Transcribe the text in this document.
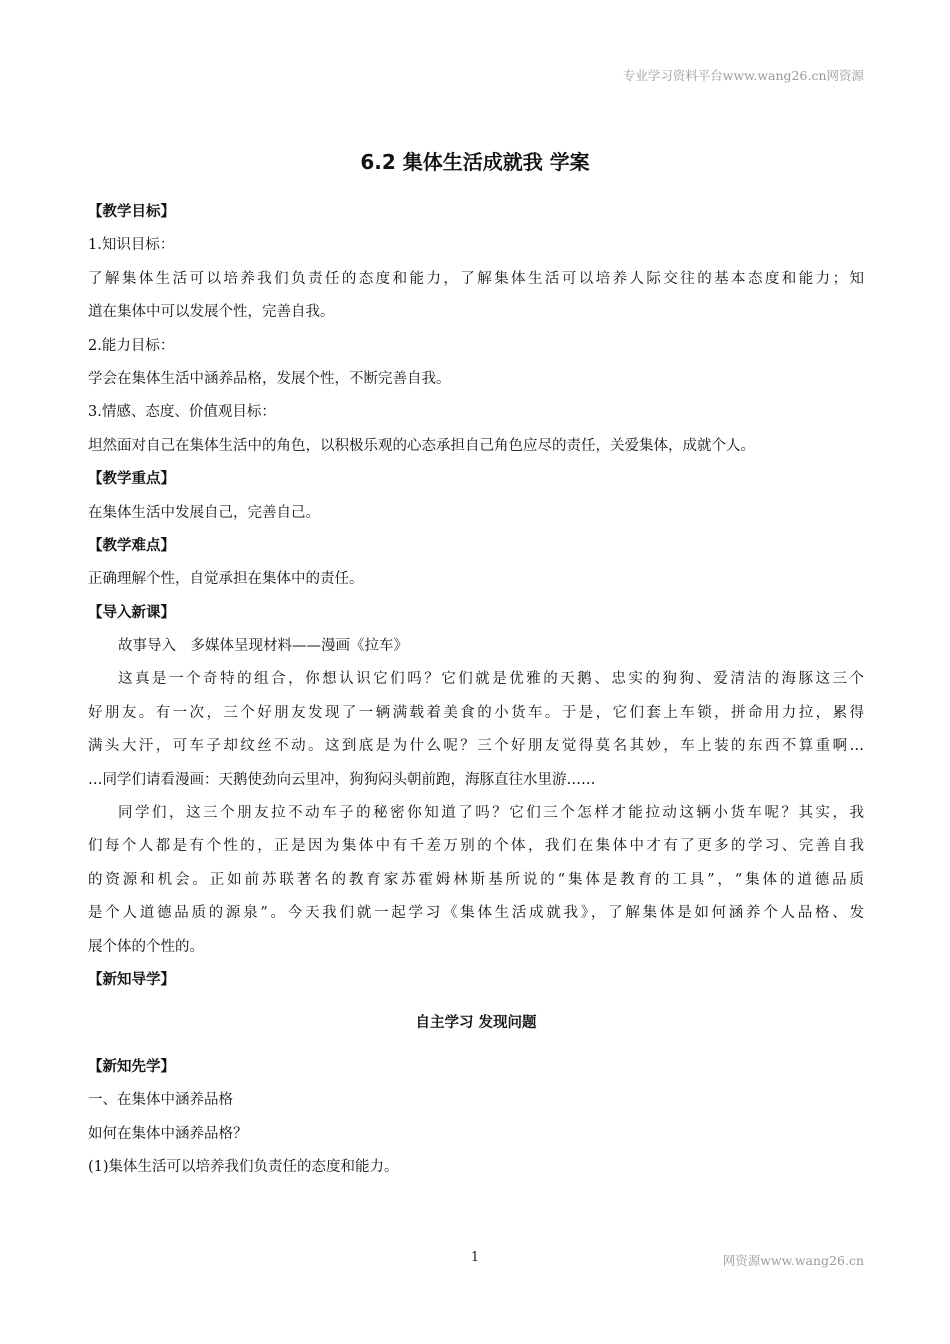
专业学习资料平台www.wang26.cn网资源
6.2 集体生活成就我 学案
【教学目标】
1.知识目标：
了解集体生活可以培养我们负责任的态度和能力，了解集体生活可以培养人际交往的基本态度和能力；知
道在集体中可以发展个性，完善自我。
2.能力目标：
学会在集体生活中涵养品格，发展个性，不断完善自我。
3.情感、态度、价值观目标：
坦然面对自己在集体生活中的角色，以积极乐观的心态承担自己角色应尽的责任，关爱集体，成就个人。
【教学重点】
在集体生活中发展自己，完善自己。
【教学难点】
正确理解个性，自觉承担在集体中的责任。
【导入新课】
故事导入　多媒体呈现材料——漫画《拉车》
这真是一个奇特的组合，你想认识它们吗？它们就是优雅的天鹅、忠实的狗狗、爱清洁的海豚这三个
好朋友。有一次，三个好朋友发现了一辆满载着美食的小货车。于是，它们套上车锁，拼命用力拉，累得
满头大汗，可车子却纹丝不动。这到底是为什么呢？三个好朋友觉得莫名其妙，车上装的东西不算重啊…
…同学们请看漫画：天鹅使劲向云里冲，狗狗闷头朝前跑，海豚直往水里游……
同学们，这三个朋友拉不动车子的秘密你知道了吗？它们三个怎样才能拉动这辆小货车呢？其实，我
们每个人都是有个性的，正是因为集体中有千差万别的个体，我们在集体中才有了更多的学习、完善自我
的资源和机会。正如前苏联著名的教育家苏霍姆林斯基所说的“集体是教育的工具”，“集体的道德品质
是个人道德品质的源泉”。今天我们就一起学习《集体生活成就我》，了解集体是如何涵养个人品格、发
展个体的个性的。
【新知导学】
自主学习 发现问题
【新知先学】
一、在集体中涵养品格
如何在集体中涵养品格？
(1)集体生活可以培养我们负责任的态度和能力。
1	网资源www.wang26.cn
